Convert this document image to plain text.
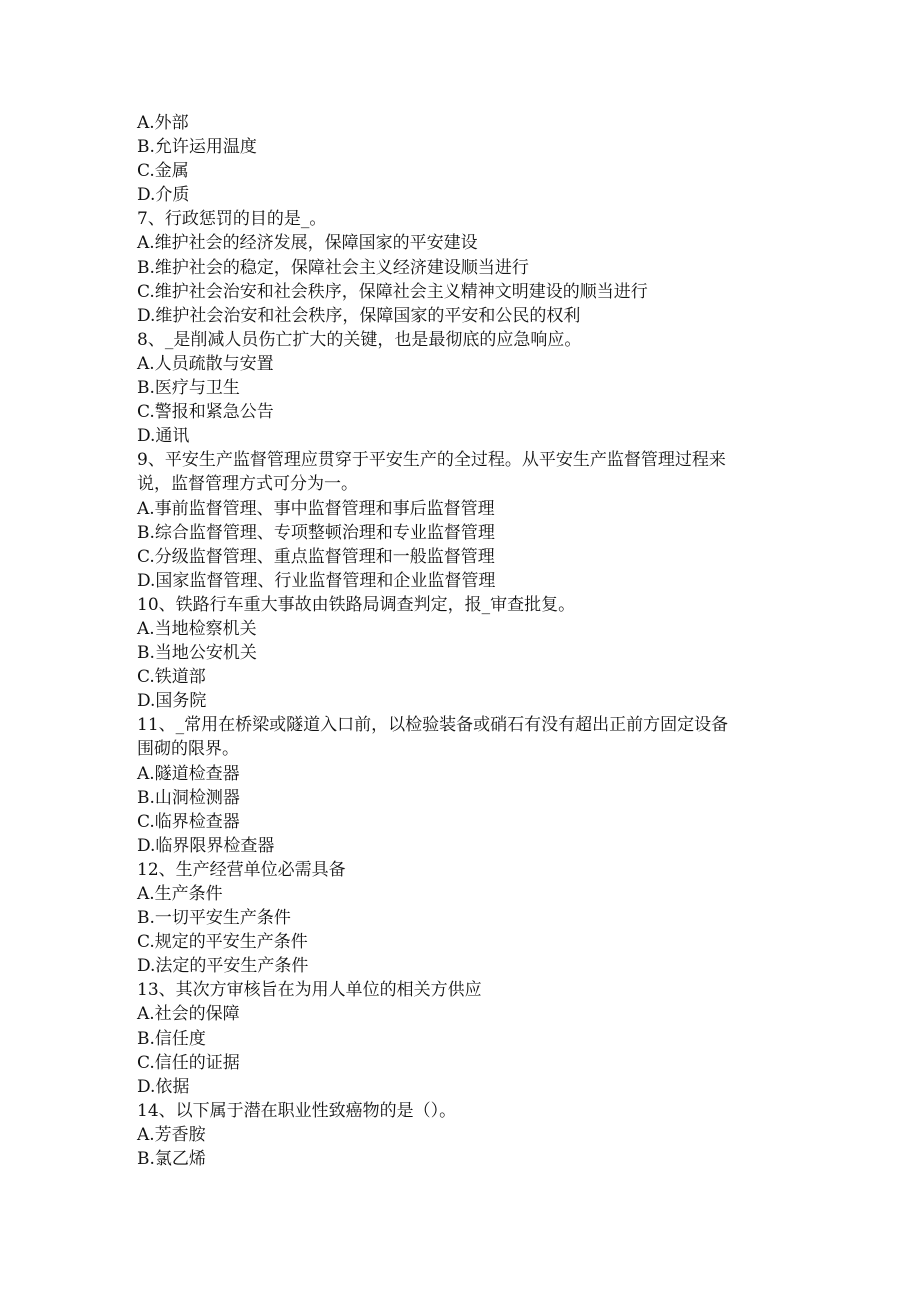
A.外部
B.允许运用温度
C.金属
D.介质
7、行政惩罚的目的是_。
A.维护社会的经济发展，保障国家的平安建设
B.维护社会的稳定，保障社会主义经济建设顺当进行
C.维护社会治安和社会秩序，保障社会主义精神文明建设的顺当进行
D.维护社会治安和社会秩序，保障国家的平安和公民的权利
8、_是削减人员伤亡扩大的关键，也是最彻底的应急响应。
A.人员疏散与安置
B.医疗与卫生
C.警报和紧急公告
D.通讯
9、平安生产监督管理应贯穿于平安生产的全过程。从平安生产监督管理过程来
说，监督管理方式可分为一。
A.事前监督管理、事中监督管理和事后监督管理
B.综合监督管理、专项整顿治理和专业监督管理
C.分级监督管理、重点监督管理和一般监督管理
D.国家监督管理、行业监督管理和企业监督管理
10、铁路行车重大事故由铁路局调查判定，报_审查批复。
A.当地检察机关
B.当地公安机关
C.铁道部
D.国务院
11、_常用在桥梁或隧道入口前，以检验装备或硝石有没有超出正前方固定设备
围砌的限界。
A.隧道检查器
B.山洞检测器
C.临界检查器
D.临界限界检查器
12、生产经营单位必需具备
A.生产条件
B.一切平安生产条件
C.规定的平安生产条件
D.法定的平安生产条件
13、其次方审核旨在为用人单位的相关方供应
A.社会的保障
B.信任度
C.信任的证据
D.依据
14、以下属于潜在职业性致癌物的是（）。
A.芳香胺
B.氯乙烯
